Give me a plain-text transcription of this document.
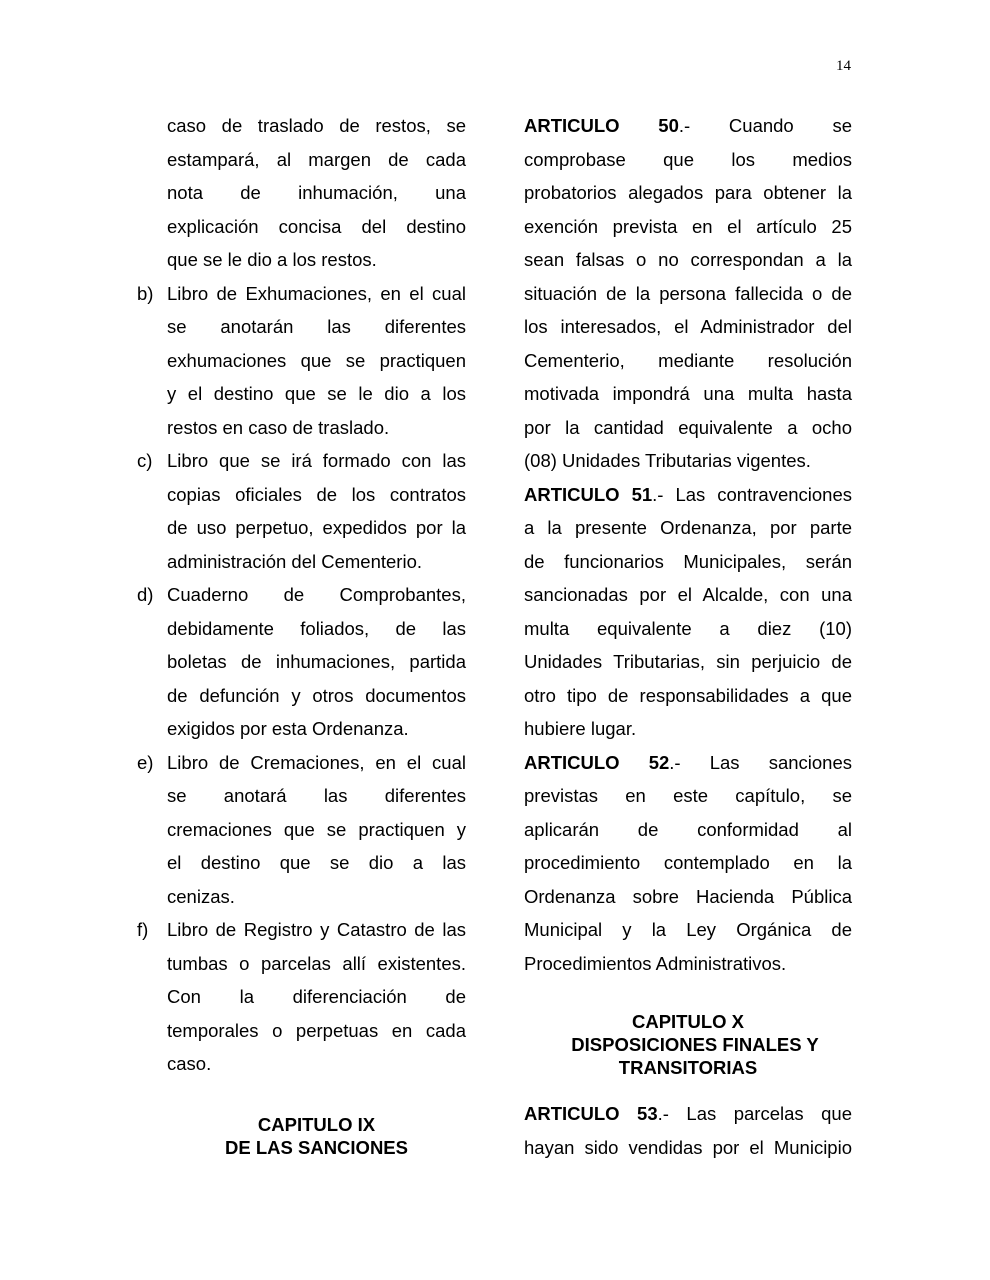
14
caso de traslado de restos, se
estampará, al margen de cada
nota de inhumación, una
explicación concisa del destino
que se le dio a los restos.
b) Libro de Exhumaciones, en el cual
se anotarán las diferentes
exhumaciones que se practiquen
y el destino que se le dio a los
restos en caso de traslado.
c) Libro que se irá formado con las
copias oficiales de los contratos
de uso perpetuo, expedidos por la
administración del Cementerio.
d) Cuaderno de Comprobantes,
debidamente foliados, de las
boletas de inhumaciones, partida
de defunción y otros documentos
exigidos por esta Ordenanza.
e) Libro de Cremaciones, en el cual
se anotará las diferentes
cremaciones que se practiquen y
el destino que se dio a las
cenizas.
f)	Libro de Registro y Catastro de las
tumbas o parcelas allí existentes.
Con la diferenciación de
temporales o perpetuas en cada
caso.
CAPITULO IX
DE LAS SANCIONES
ARTICULO 50.- Cuando se
comprobase que los medios
probatorios alegados para obtener la
exención prevista en el artículo 25
sean falsas o no correspondan a la
situación de la persona fallecida o de
los interesados, el Administrador del
Cementerio, mediante resolución
motivada impondrá una multa hasta
por la cantidad equivalente a ocho
(08) Unidades Tributarias vigentes.
ARTICULO 51.- Las contravenciones
a la presente Ordenanza, por parte
de funcionarios Municipales, serán
sancionadas por el Alcalde, con una
multa equivalente a diez (10)
Unidades Tributarias, sin perjuicio de
otro tipo de responsabilidades a que
hubiere lugar.
ARTICULO 52.- Las sanciones
previstas en este capítulo, se
aplicarán de conformidad al
procedimiento contemplado en la
Ordenanza sobre Hacienda Pública
Municipal y la Ley Orgánica de
Procedimientos Administrativos.
CAPITULO X
DISPOSICIONES FINALES Y
TRANSITORIAS
ARTICULO 53.- Las parcelas que
hayan sido vendidas por el Municipio
